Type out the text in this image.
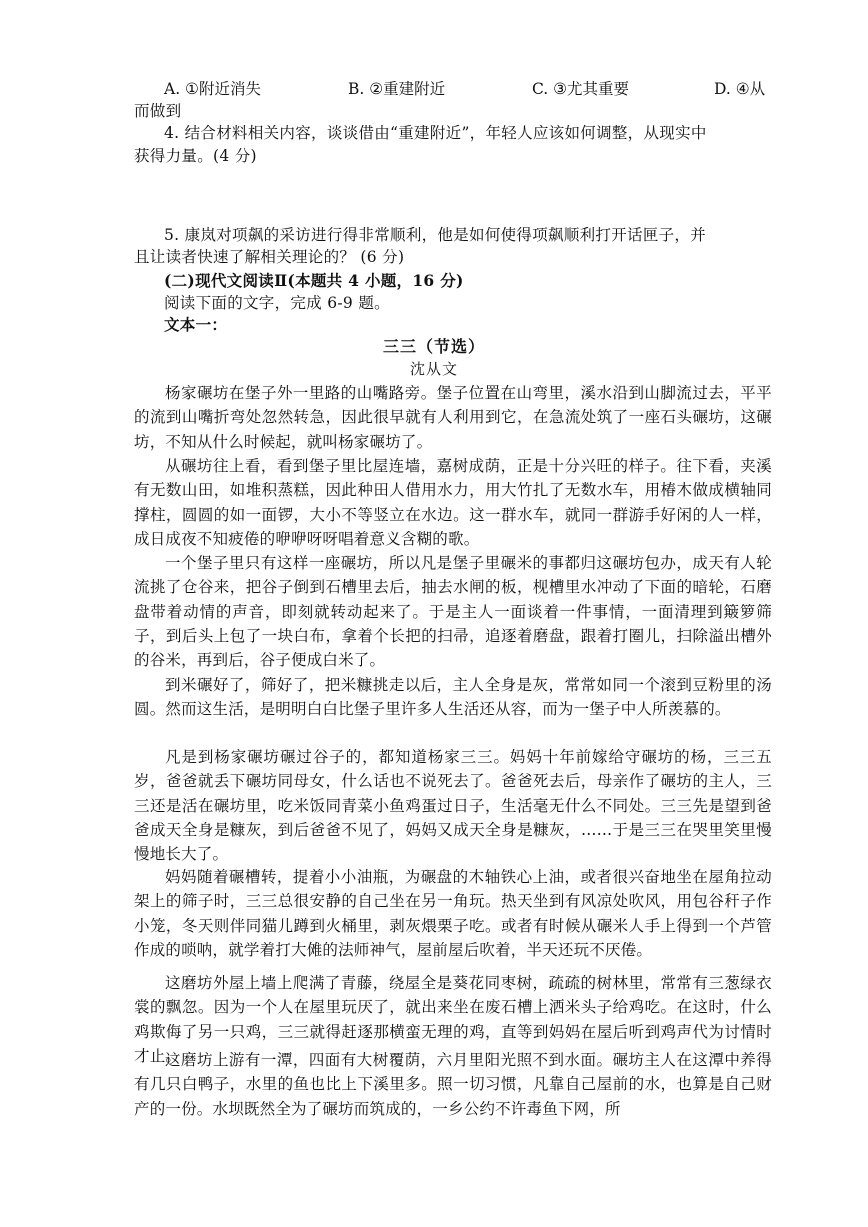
A. ①附近消失	B. ②重建附近	C. ③尤其重要	D. ④从
而做到
4. 结合材料相关内容，谈谈借由“重建附近”，年轻人应该如何调整，从现实中
获得力量。(4 分)
5. 康岚对项飙的采访进行得非常顺利，他是如何使得项飙顺利打开话匣子，并
且让读者快速了解相关理论的？ (6 分)
(二)现代文阅读Ⅱ(本题共 4 小题，16 分)
阅读下面的文字，完成 6-9 题。
文本一：
三三（节选）
沈从文

杨家碾坊在堡子外一里路的山嘴路旁。堡子位置在山弯里，溪水沿到山脚流过去，平平的流到山嘴折弯处忽然转急，因此很早就有人利用到它，在急流处筑了一座石头碾坊，这碾坊，不知从什么时候起，就叫杨家碾坊了。

从碾坊往上看，看到堡子里比屋连墙，嘉树成荫，正是十分兴旺的样子。往下看，夹溪有无数山田，如堆积蒸糕，因此种田人借用水力，用大竹扎了无数水车，用椿木做成横轴同撑柱，圆圆的如一面锣，大小不等竖立在水边。这一群水车，就同一群游手好闲的人一样，成日成夜不知疲倦的咿咿呀呀唱着意义含糊的歌。

一个堡子里只有这样一座碾坊，所以凡是堡子里碾米的事都归这碾坊包办，成天有人轮流挑了仓谷来，把谷子倒到石槽里去后，抽去水闸的板，枧槽里水冲动了下面的暗轮，石磨盘带着动情的声音，即刻就转动起来了。于是主人一面谈着一件事情，一面清理到簸箩筛子，到后头上包了一块白布，拿着个长把的扫帚，追逐着磨盘，跟着打圈儿，扫除溢出槽外的谷米，再到后，谷子便成白米了。

到米碾好了，筛好了，把米糠挑走以后，主人全身是灰，常常如同一个滚到豆粉里的汤圆。然而这生活，是明明白白比堡子里许多人生活还从容，而为一堡子中人所羡慕的。

凡是到杨家碾坊碾过谷子的，都知道杨家三三。妈妈十年前嫁给守碾坊的杨，三三五岁，爸爸就丢下碾坊同母女，什么话也不说死去了。爸爸死去后，母亲作了碾坊的主人，三三还是活在碾坊里，吃米饭同青菜小鱼鸡蛋过日子，生活毫无什么不同处。三三先是望到爸爸成天全身是糠灰，到后爸爸不见了，妈妈又成天全身是糠灰，……于是三三在哭里笑里慢慢地长大了。

妈妈随着碾槽转，提着小小油瓶，为碾盘的木轴铁心上油，或者很兴奋地坐在屋角拉动架上的筛子时，三三总很安静的自己坐在另一角玩。热天坐到有风凉处吹风，用包谷秆子作小笼，冬天则伴同猫儿蹲到火桶里，剥灰煨栗子吃。或者有时候从碾米人手上得到一个芦管作成的唢呐，就学着打大傩的法师神气，屋前屋后吹着，半天还玩不厌倦。

这磨坊外屋上墙上爬满了青藤，绕屋全是葵花同枣树，疏疏的树林里，常常有三葱绿衣裳的飘忽。因为一个人在屋里玩厌了，就出来坐在废石槽上洒米头子给鸡吃。在这时，什么鸡欺侮了另一只鸡，三三就得赶逐那横蛮无理的鸡，直等到妈妈在屋后听到鸡声代为讨情时才止。

这磨坊上游有一潭，四面有大树覆荫，六月里阳光照不到水面。碾坊主人在这潭中养得有几只白鸭子，水里的鱼也比上下溪里多。照一切习惯，凡靠自己屋前的水，也算是自己财产的一份。水坝既然全为了碾坊而筑成的，一乡公约不许毒鱼下网，所
